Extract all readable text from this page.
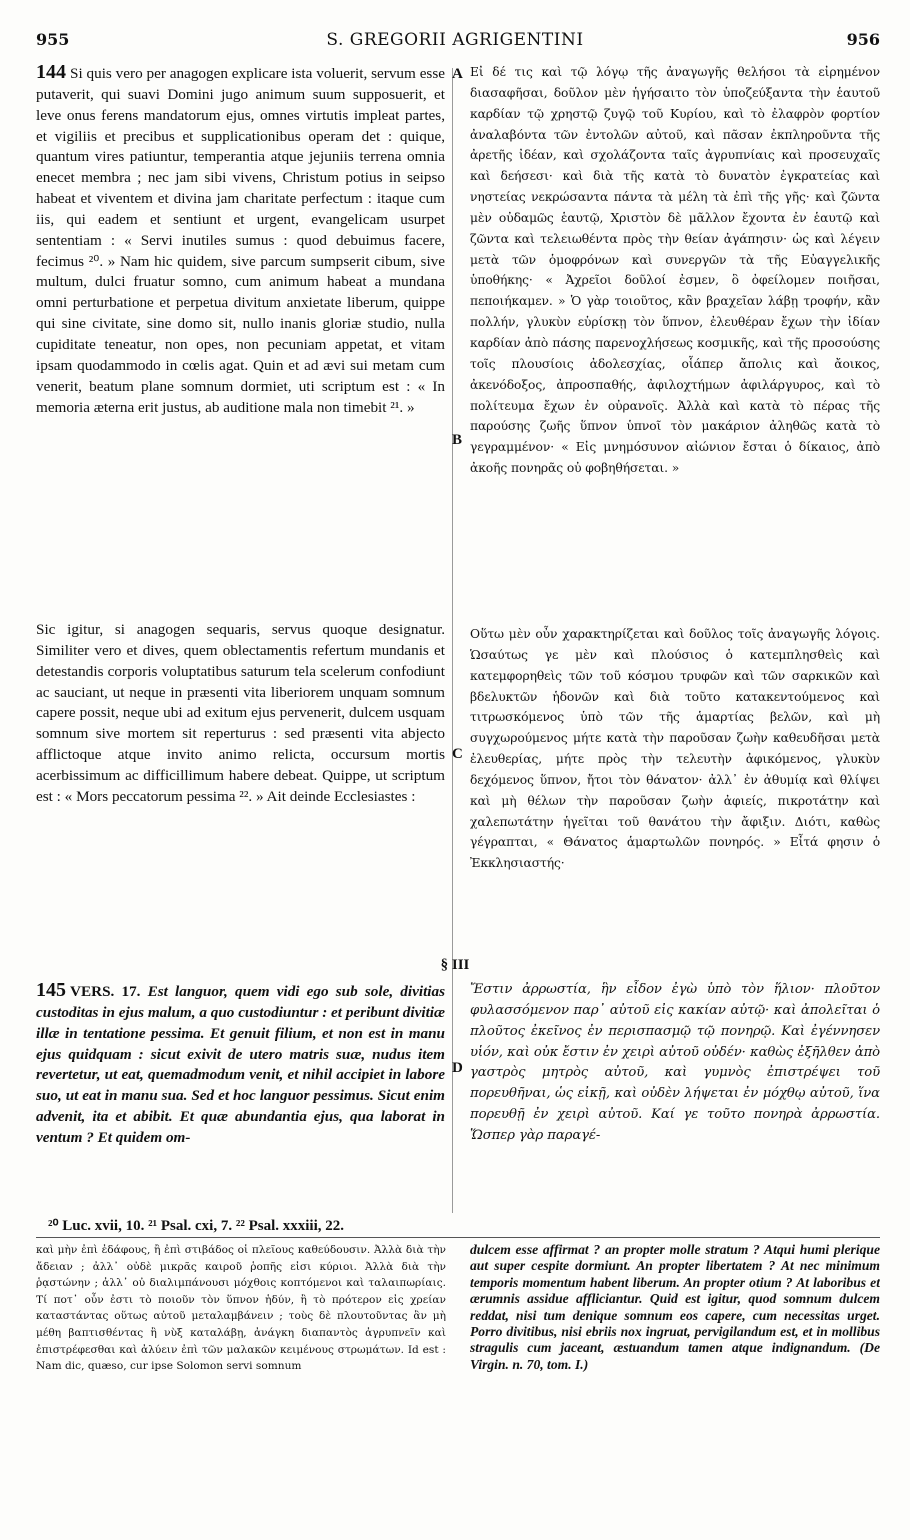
955	S. GREGORII AGRIGENTINI	956
A
B
C
D
144 Si quis vero per anagogen explicare ista voluerit, servum esse putaverit, qui suavi Domini jugo animum suum supposuerit, et leve onus ferens mandatorum ejus, omnes virtutis impleat partes, et vigiliis et precibus et supplicationibus operam det : quique, quantum vires patiuntur, temperantia atque jejuniis terrena omnia enecet membra ; nec jam sibi vivens, Christum potius in seipso habeat et viventem et divina jam charitate perfectum : itaque cum iis, qui eadem et sentiunt et urgent, evangelicam usurpet sententiam : « Servi inutiles sumus : quod debuimus facere, fecimus ²⁰. » Nam hic quidem, sive parcum sumpserit cibum, sive multum, dulci fruatur somno, cum animum habeat a mundana omni perturbatione et perpetua divitum anxietate liberum, quippe qui sine civitate, sine domo sit, nullo inanis gloriæ studio, nulla cupiditate teneatur, non opes, non pecuniam appetat, et vitam ipsam quodammodo in cœlis agat. Quin et ad ævi sui metam cum venerit, beatum plane somnum dormiet, uti scriptum est : « In memoria æterna erit justus, ab auditione mala non timebit ²¹. »
Sic igitur, si anagogen sequaris, servus quoque designatur. Similiter vero et dives, quem oblectamentis refertum mundanis et detestandis corporis voluptatibus saturum tela scelerum confodiunt ac sauciant, ut neque in præsenti vita liberiorem unquam somnum capere possit, neque ubi ad exitum ejus pervenerit, dulcem usquam somnum sive mortem sit reperturus : sed præsenti vita abjecto afflictoque atque invito animo relicta, occursum mortis acerbissimum ac difficillimum habere debeat. Quippe, ut scriptum est : « Mors peccatorum pessima ²². » Ait deinde Ecclesiastes :
Εἰ δέ τις καὶ τῷ λόγῳ τῆς ἀναγωγῆς θελήσοι τὰ εἰρημένον διασαφῆσαι, δοῦλον μὲν ἡγήσαιτο τὸν ὑποζεύξαντα τὴν ἑαυτοῦ καρδίαν τῷ χρηστῷ ζυγῷ τοῦ Κυρίου, καὶ τὸ ἐλαφρὸν φορτίον ἀναλαβόντα τῶν ἐντολῶν αὐτοῦ, καὶ πᾶσαν ἐκπληροῦντα τῆς ἀρετῆς ἰδέαν, καὶ σχολάζοντα ταῖς ἀγρυπνίαις καὶ προσευχαῖς καὶ δεήσεσι· καὶ διὰ τῆς κατὰ τὸ δυνατὸν ἐγκρατείας καὶ νηστείας νεκρώσαντα πάντα τὰ μέλη τὰ ἐπὶ τῆς γῆς· καὶ ζῶντα μὲν οὐδαμῶς ἑαυτῷ, Χριστὸν δὲ μᾶλλον ἔχοντα ἐν ἑαυτῷ καὶ ζῶντα καὶ τελειωθέντα πρὸς τὴν θείαν ἀγάπησιν· ὡς καὶ λέγειν μετὰ τῶν ὁμοφρόνων καὶ συνεργῶν τὰ τῆς Εὐαγγελικῆς ὑποθήκης· « Ἀχρεῖοι δοῦλοί ἐσμεν, ὃ ὀφείλομεν ποιῆσαι, πεποιήκαμεν. » Ὁ γὰρ τοιοῦτος, κἂν βραχεῖαν λάβῃ τροφήν, κἂν πολλήν, γλυκὺν εὑρίσκῃ τὸν ὕπνον, ἐλευθέραν ἔχων τὴν ἰδίαν καρδίαν ἀπὸ πάσης παρενοχλήσεως κοσμικῆς, καὶ τῆς προσούσης τοῖς πλουσίοις ἀδολεσχίας, οἷάπερ ἄπολις καὶ ἄοικος, ἀκενόδοξος, ἀπροσπαθής, ἀφιλοχτήμων ἀφιλάργυρος, καὶ τὸ πολίτευμα ἔχων ἐν οὐρανοῖς. Ἀλλὰ καὶ κατὰ τὸ πέρας τῆς παρούσης ζωῆς ὕπνον ὑπνοῖ τὸν μακάριον ἀληθῶς κατὰ τὸ γεγραμμένον· « Εἰς μνημόσυνον αἰώνιον ἔσται ὁ δίκαιος, ἀπὸ ἀκοῆς πονηρᾶς οὐ φοβηθήσεται. »
Οὕτω μὲν οὖν χαρακτηρίζεται καὶ δοῦλος τοῖς ἀναγωγῆς λόγοις. Ὡσαύτως γε μὲν καὶ πλούσιος ὁ κατεμπλησθεὶς καὶ κατεμφορηθεὶς τῶν τοῦ κόσμου τρυφῶν καὶ τῶν σαρκικῶν καὶ βδελυκτῶν ἡδονῶν καὶ διὰ τοῦτο κατακεντούμενος καὶ τιτρωσκόμενος ὑπὸ τῶν τῆς ἁμαρτίας βελῶν, καὶ μὴ συγχωρούμενος μήτε κατὰ τὴν παροῦσαν ζωὴν καθευδῆσαι μετὰ ἐλευθερίας, μήτε πρὸς τὴν τελευτὴν ἀφικόμενος, γλυκὺν δεχόμενος ὕπνον, ἤτοι τὸν θάνατον· ἀλλ᾽ ἐν ἀθυμίᾳ καὶ θλίψει καὶ μὴ θέλων τὴν παροῦσαν ζωὴν ἀφιείς, πικροτάτην καὶ χαλεπωτάτην ἡγεῖται τοῦ θανάτου τὴν ἄφιξιν. Διότι, καθὼς γέγραπται, « Θάνατος ἁμαρτωλῶν πονηρός. » Εἶτά φησιν ὁ Ἐκκλησιαστής·
§ III
145 VERS. 17. Est languor, quem vidi ego sub sole, divitias custoditas in ejus malum, a quo custodiuntur : et peribunt divitiæ illæ in tentatione pessima. Et genuit filium, et non est in manu ejus quidquam : sicut exivit de utero matris suæ, nudus item revertetur, ut eat, quemadmodum venit, et nihil accipiet in labore suo, ut eat in manu sua. Sed et hoc languor pessimus. Sicut enim advenit, ita et abibit. Et quæ abundantia ejus, qua laborat in ventum ? Et quidem om-
Ἔστιν ἀρρωστία, ἣν εἶδον ἐγὼ ὑπὸ τὸν ἥλιον· πλοῦτον φυλασσόμενον παρ᾽ αὐτοῦ εἰς κακίαν αὐτῷ· καὶ ἀπολεῖται ὁ πλοῦτος ἐκεῖνος ἐν περισπασμῷ τῷ πονηρῷ. Καὶ ἐγέννησεν υἱόν, καὶ οὐκ ἔστιν ἐν χειρὶ αὐτοῦ οὐδέν· καθὼς ἐξῆλθεν ἀπὸ γαστρὸς μητρὸς αὐτοῦ, καὶ γυμνὸς ἐπιστρέψει τοῦ πορευθῆναι, ὡς εἰκῇ, καὶ οὐδὲν λήψεται ἐν μόχθῳ αὐτοῦ, ἵνα πορευθῇ ἐν χειρὶ αὐτοῦ. Καί γε τοῦτο πονηρὰ ἀρρωστία. Ὥσπερ γὰρ παραγέ-
²⁰ Luc. xvii, 10. ²¹ Psal. cxi, 7. ²² Psal. xxxiii, 22.
καὶ μὴν ἐπὶ ἐδάφους, ἢ ἐπὶ στιβάδος οἱ πλεῖους καθεύδουσιν. Ἀλλὰ διὰ τὴν ἄδειαν ; ἀλλ᾽ οὐδὲ μικρᾶς καιροῦ ῥοπῆς εἰσι κύριοι. Ἀλλὰ διὰ τὴν ῥᾳστώνην ; ἀλλ᾽ οὐ διαλιμπάνουσι μόχθοις κοπτόμενοι καὶ ταλαιπωρίαις. Τί ποτ᾽ οὖν ἐστι τὸ ποιοῦν τὸν ὕπνον ἡδύν, ἢ τὸ πρότερον εἰς χρείαν καταστάντας οὕτως αὐτοῦ μεταλαμβάνειν ; τοὺς δὲ πλουτοῦντας ἂν μὴ μέθη βαπτισθέντας ἢ νὺξ καταλάβῃ, ἀνάγκη διαπαντὸς ἀγρυπνεῖν καὶ ἐπιστρέφεσθαι καὶ ἀλύειν ἐπὶ τῶν μαλακῶν κειμένους στρωμάτων. Id est : Nam dic, quæso, cur ipse Solomon servi somnum
dulcem esse affirmat ? an propter molle stratum ? Atqui humi plerique aut super cespite dormiunt. An propter libertatem ? At nec minimum temporis momentum habent liberum. An propter otium ? At laboribus et ærumnis assidue affliciantur. Quid est igitur, quod somnum dulcem reddat, nisi tum denique somnum eos capere, cum necessitas urget. Porro divitibus, nisi ebriis nox ingruat, pervigilandum est, et in mollibus stragulis cum jaceant, æstuandum tamen atque indignandum. (De Virgin. n. 70, tom. I.)
